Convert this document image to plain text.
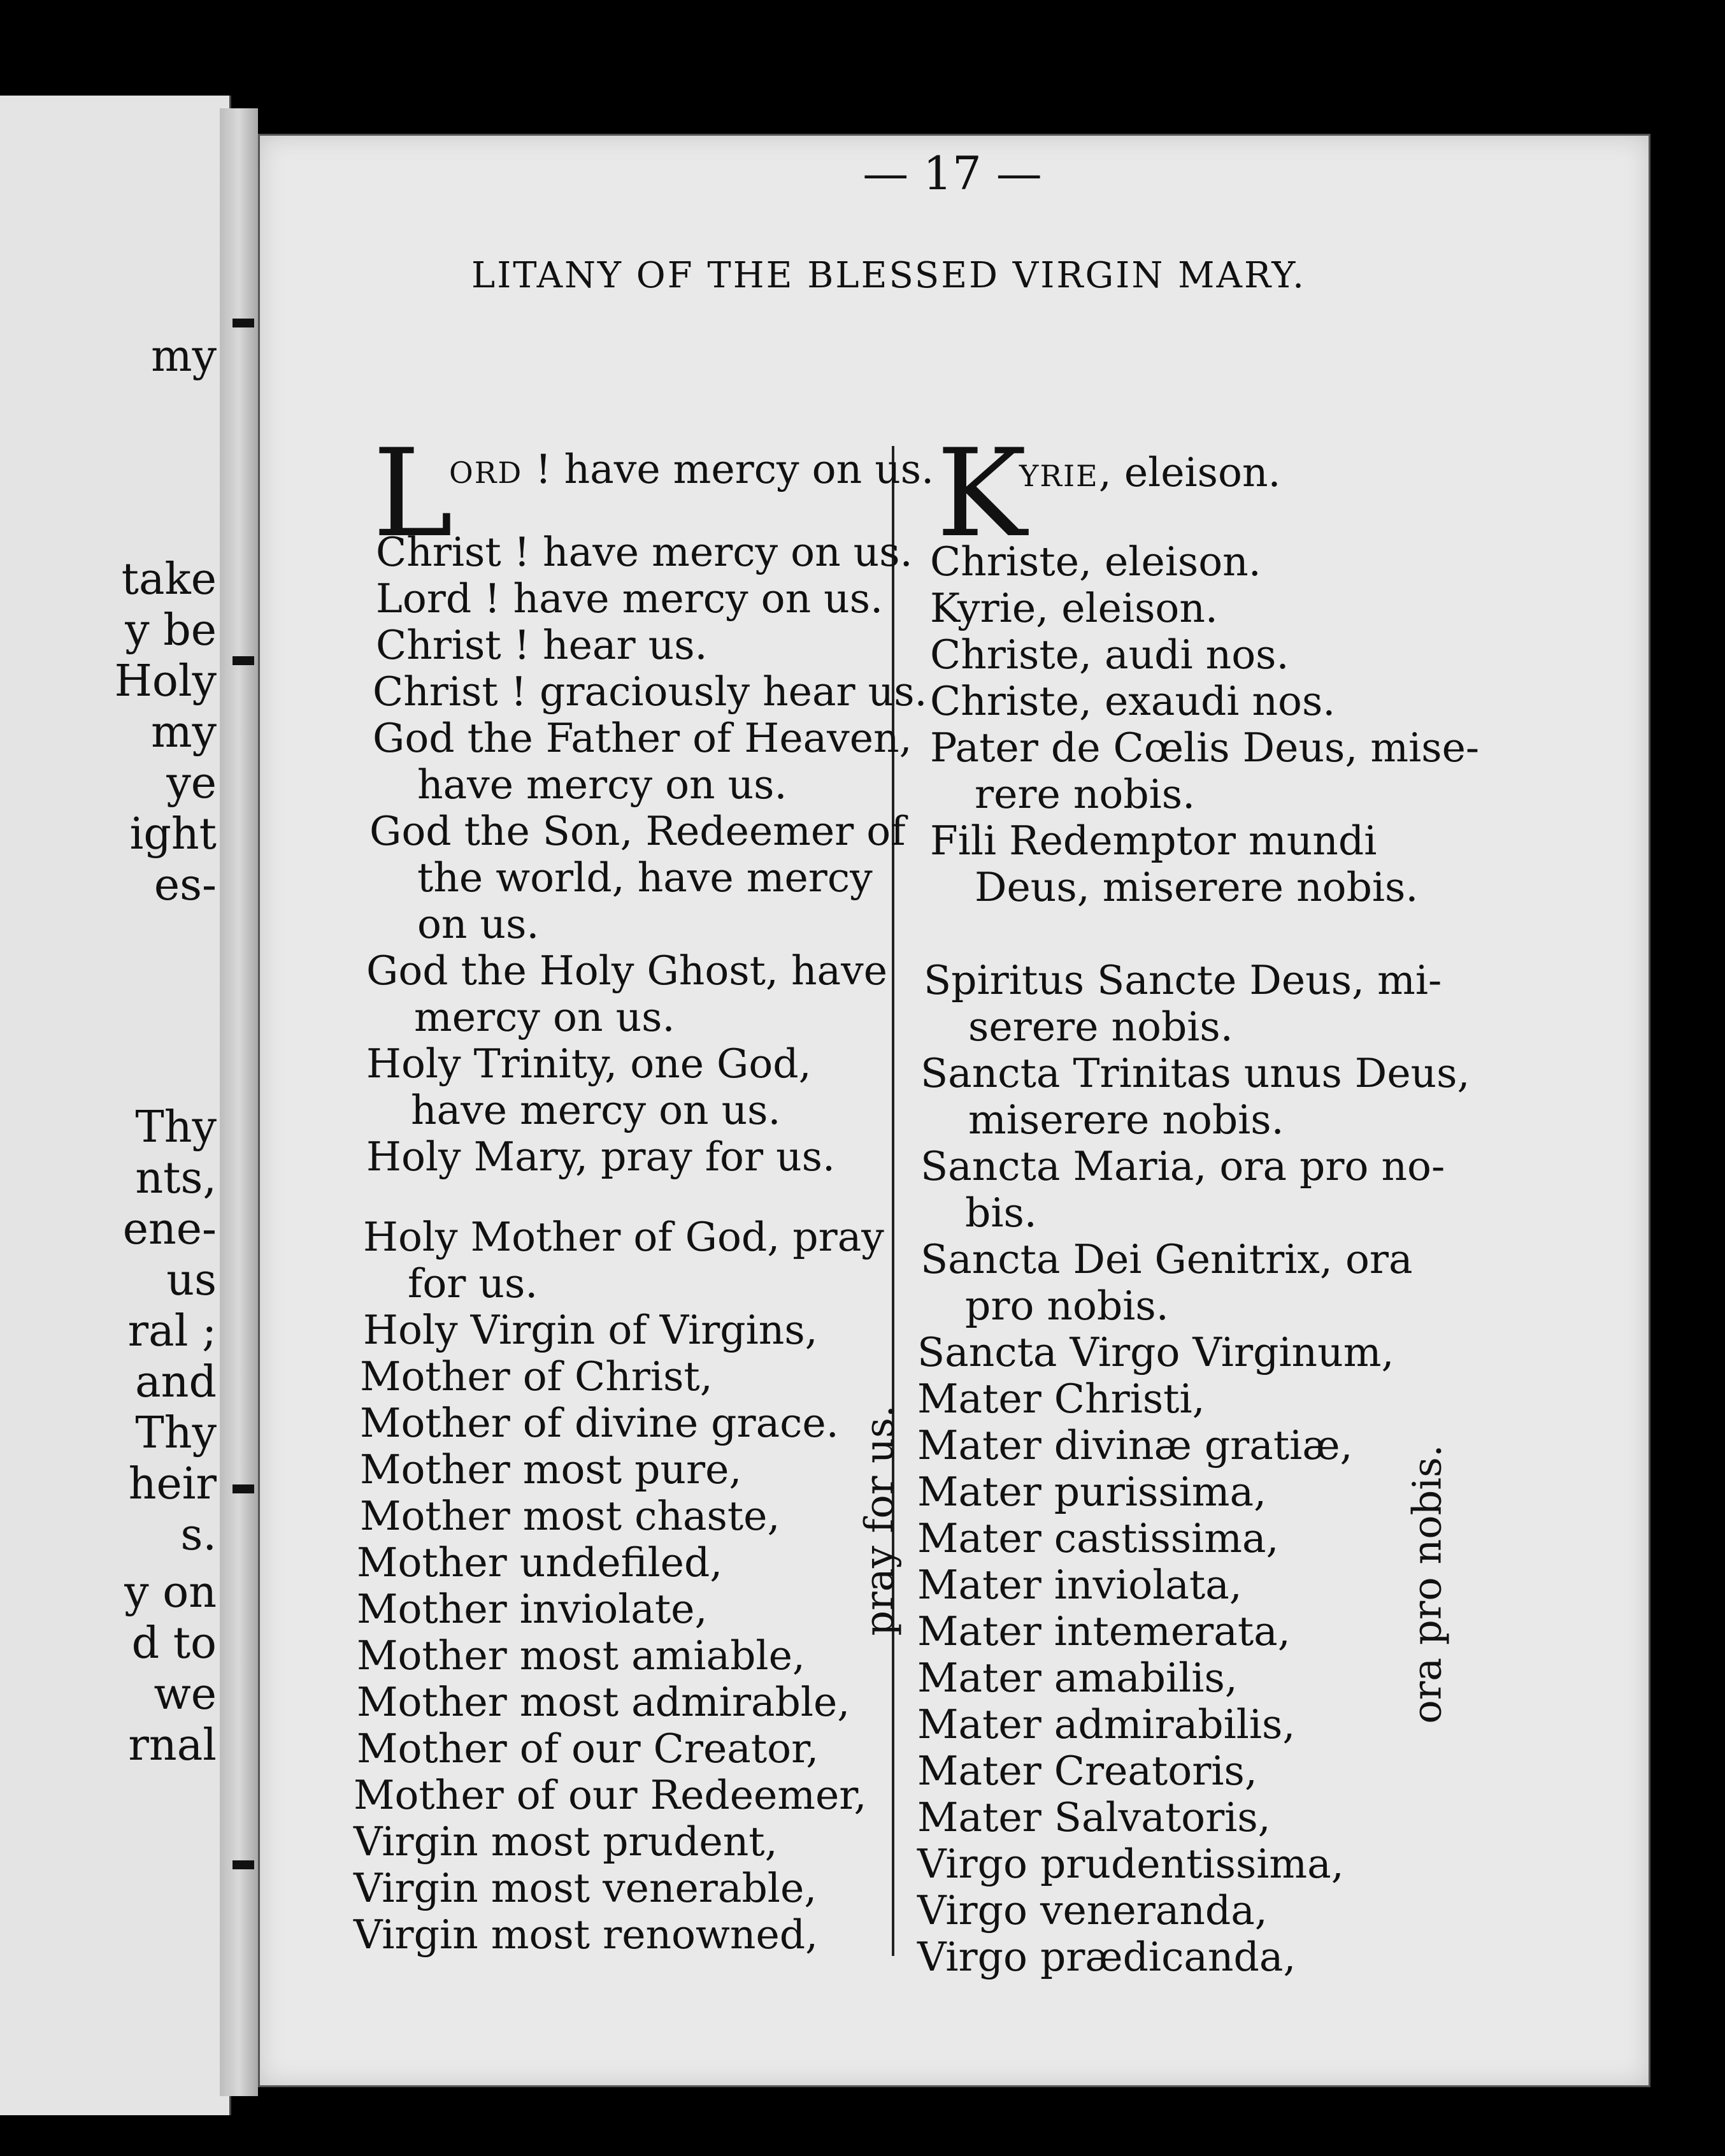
my
take
y be
Holy
my
ye
ight
es-
Thy
nts,
ene-
us
ral ;
and
Thy
heir
s.
y on
d to
we
rnal
— 17 —
LITANY OF THE BLESSED VIRGIN MARY.
L
ORD ! have mercy on us.
Christ ! have mercy on us.
Lord ! have mercy on us.
Christ ! hear us.
Christ ! graciously hear us.
God the Father of Heaven,
have mercy on us.
God the Son, Redeemer of
the world, have mercy
on us.
God the Holy Ghost, have
mercy on us.
Holy Trinity, one God,
have mercy on us.
Holy Mary, pray for us.
Holy Mother of God, pray
for us.
Holy Virgin of Virgins,
Mother of Christ,
Mother of divine grace.
Mother most pure,
Mother most chaste,
Mother undefiled,
Mother inviolate,
Mother most amiable,
Mother most admirable,
Mother of our Creator,
Mother of our Redeemer,
Virgin most prudent,
Virgin most venerable,
Virgin most renowned,
pray for us.
K
YRIE, eleison.
Christe, eleison.
Kyrie, eleison.
Christe, audi nos.
Christe, exaudi nos.
Pater de Cœlis Deus, mise-
rere nobis.
Fili Redemptor mundi
Deus, miserere nobis.
Spiritus Sancte Deus, mi-
serere nobis.
Sancta Trinitas unus Deus,
miserere nobis.
Sancta Maria, ora pro no-
bis.
Sancta Dei Genitrix, ora
pro nobis.
Sancta Virgo Virginum,
Mater Christi,
Mater divinæ gratiæ,
Mater purissima,
Mater castissima,
Mater inviolata,
Mater intemerata,
Mater amabilis,
Mater admirabilis,
Mater Creatoris,
Mater Salvatoris,
Virgo prudentissima,
Virgo veneranda,
Virgo prædicanda,
ora pro nobis.
